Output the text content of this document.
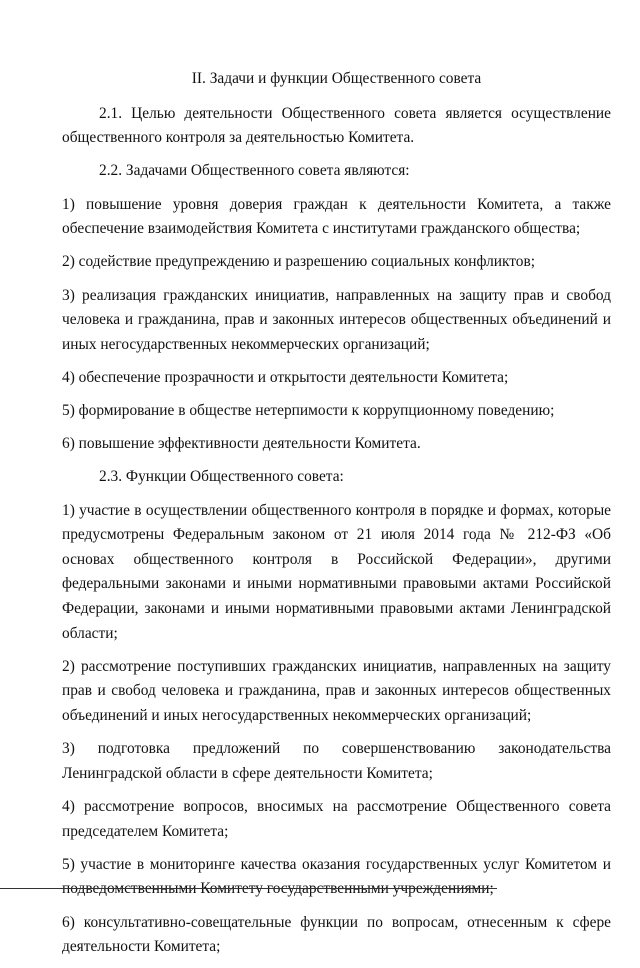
II. Задачи и функции Общественного совета
2.1. Целью деятельности Общественного совета является осуществление общественного контроля за деятельностью Комитета.
2.2. Задачами Общественного совета являются:
1) повышение уровня доверия граждан к деятельности Комитета, а также обеспечение взаимодействия Комитета с институтами гражданского общества;
2) содействие предупреждению и разрешению социальных конфликтов;
3) реализация гражданских инициатив, направленных на защиту прав и свобод человека и гражданина, прав и законных интересов общественных объединений и иных негосударственных некоммерческих организаций;
4) обеспечение прозрачности и открытости деятельности Комитета;
5) формирование в обществе нетерпимости к коррупционному поведению;
6) повышение эффективности деятельности Комитета.
2.3. Функции Общественного совета:
1) участие в осуществлении общественного контроля в порядке и формах, которые предусмотрены Федеральным законом от 21 июля 2014 года № 212-ФЗ «Об основах общественного контроля в Российской Федерации», другими федеральными законами и иными нормативными правовыми актами Российской Федерации, законами и иными нормативными правовыми актами Ленинградской области;
2) рассмотрение поступивших гражданских инициатив, направленных на защиту прав и свобод человека и гражданина, прав и законных интересов общественных объединений и иных негосударственных некоммерческих организаций;
3) подготовка предложений по совершенствованию законодательства Ленинградской области в сфере деятельности Комитета;
4) рассмотрение вопросов, вносимых на рассмотрение Общественного совета председателем Комитета;
5) участие в мониторинге качества оказания государственных услуг Комитетом и подведомственными Комитету государственными учреждениями;
6) консультативно-совещательные функции по вопросам, отнесенным к сфере деятельности Комитета;
